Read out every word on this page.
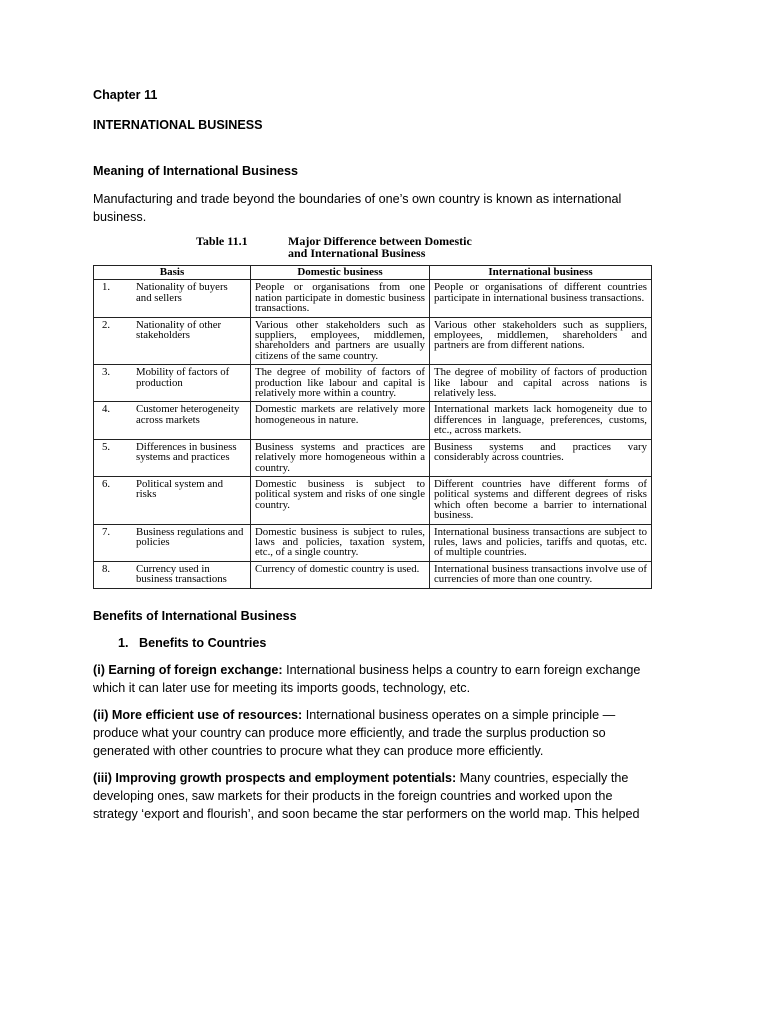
Chapter 11

INTERNATIONAL BUSINESS

Meaning of International Business

Manufacturing and trade beyond the boundaries of one’s own country is known as international business.

Table 11.1	Major Difference between Domestic
and International Business
Basis		Domestic business	International business
1.	Nationality of buyers and sellers	People or organisations from one nation participate in domestic business transactions.	People or organisations of different countries participate in international business transactions.
2.	Nationality of other stakeholders	Various other stakeholders such as suppliers, employees, middlemen, shareholders and partners are usually citizens of the same country.	Various other stakeholders such as suppliers, employees, middlemen, shareholders and partners are from different nations.
3.	Mobility of factors of production	The degree of mobility of factors of production like labour and capital is relatively more within a country.	The degree of mobility of factors of production like labour and capital across nations is relatively less.
4.	Customer heterogeneity across markets	Domestic markets are relatively more homogeneous in nature.	International markets lack homogeneity due to differences in language, preferences, customs, etc., across markets.
5.	Differences in business systems and practices	Business systems and practices are relatively more homogeneous within a country.	Business systems and practices vary considerably across countries.
6.	Political system and risks	Domestic business is subject to political system and risks of one single country.	Different countries have different forms of political systems and different degrees of risks which often become a barrier to international business.
7.	Business regulations and policies	Domestic business is subject to rules, laws and policies, taxation system, etc., of a single country.	International business transactions are subject to rules, laws and policies, tariffs and quotas, etc. of multiple countries.
8.	Currency used in business transactions	Currency of domestic country is used.	International business transactions involve use of currencies of more than one country.

Benefits of International Business

1. Benefits to Countries

(i) Earning of foreign exchange: International business helps a country to earn foreign exchange which it can later use for meeting its imports goods, technology, etc.

(ii) More efficient use of resources: International business operates on a simple principle — produce what your country can produce more efficiently, and trade the surplus production so generated with other countries to procure what they can produce more efficiently.

(iii) Improving growth prospects and employment potentials: Many countries, especially the developing ones, saw markets for their products in the foreign countries and worked upon the strategy ‘export and flourish’, and soon became the star performers on the world map. This helped
